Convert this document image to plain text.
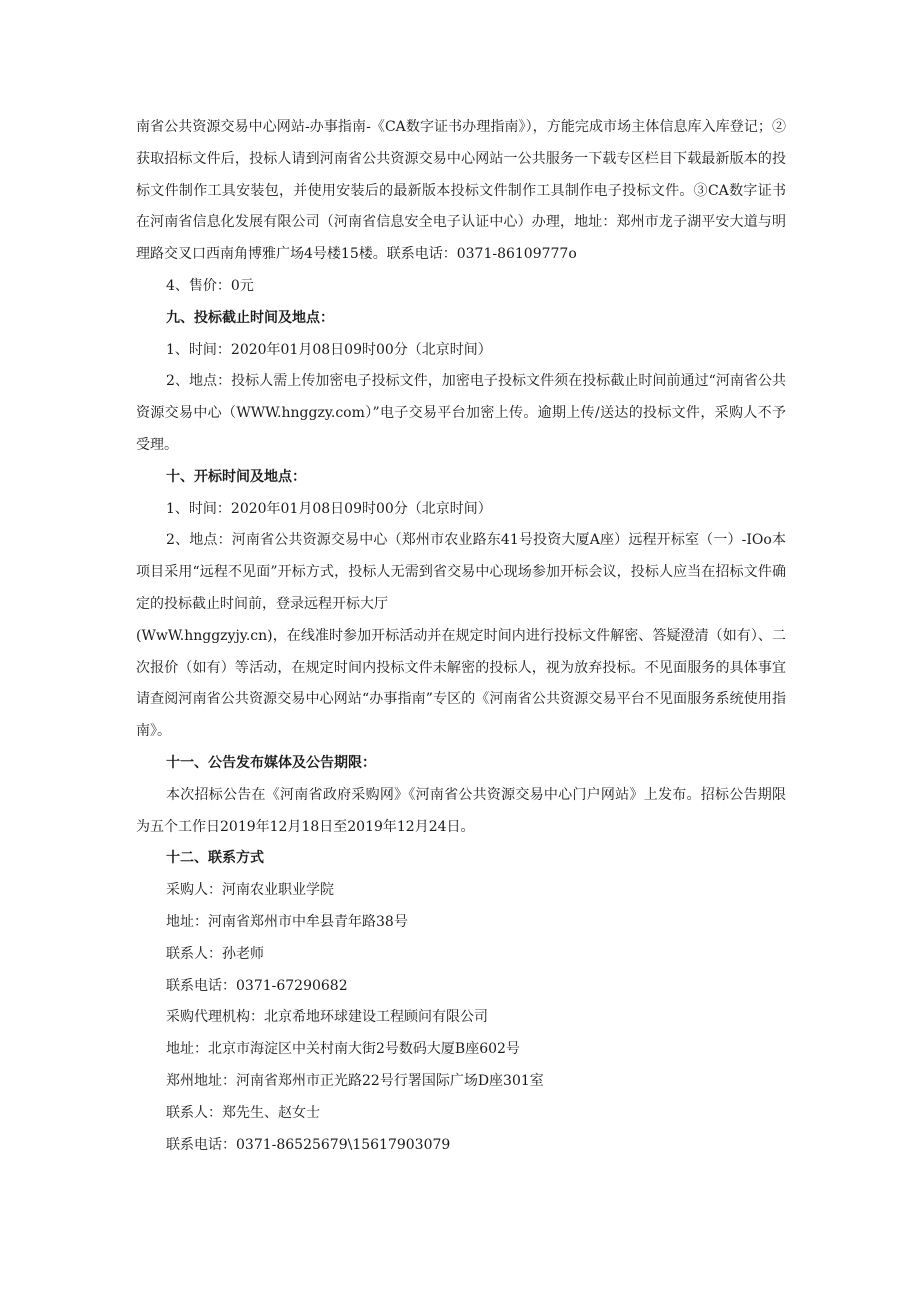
南省公共资源交易中心网站-办事指南-《CA数字证书办理指南》），方能完成市场主体信息库入库登记；②获取招标文件后，投标人请到河南省公共资源交易中心网站一公共服务一下载专区栏目下载最新版本的投标文件制作工具安装包，并使用安装后的最新版本投标文件制作工具制作电子投标文件。③CA数字证书在河南省信息化发展有限公司（河南省信息安全电子认证中心）办理，地址：郑州市龙子湖平安大道与明理路交叉口西南角博雅广场4号楼15楼。联系电话：0371-86109777o

4、售价：0元

九、投标截止时间及地点：

1、时间：2020年01月08日09时00分（北京时间）

2、地点：投标人需上传加密电子投标文件，加密电子投标文件须在投标截止时间前通过“河南省公共资源交易中心（WWW.hnggzy.com）”电子交易平台加密上传。逾期上传/送达的投标文件，采购人不予受理。

十、开标时间及地点：

1、时间：2020年01月08日09时00分（北京时间）

2、地点：河南省公共资源交易中心（郑州市农业路东41号投资大厦A座）远程开标室（一）-IOo本项目采用“远程不见面”开标方式，投标人无需到省交易中心现场参加开标会议，投标人应当在招标文件确定的投标截止时间前，登录远程开标大厅

(WwW.hnggzyjy.cn)，在线准时参加开标活动并在规定时间内进行投标文件解密、答疑澄清（如有）、二次报价（如有）等活动，在规定时间内投标文件未解密的投标人，视为放弃投标。不见面服务的具体事宜请查阅河南省公共资源交易中心网站“办事指南”专区的《河南省公共资源交易平台不见面服务系统使用指南》。

十一、公告发布媒体及公告期限：

本次招标公告在《河南省政府采购网》《河南省公共资源交易中心门户网站》上发布。招标公告期限为五个工作日2019年12月18日至2019年12月24日。

十二、联系方式

采购人：河南农业职业学院

地址：河南省郑州市中牟县青年路38号

联系人：孙老师

联系电话：0371-67290682

采购代理机构：北京希地环球建设工程顾问有限公司

地址：北京市海淀区中关村南大街2号数码大厦B座602号

郑州地址：河南省郑州市正光路22号行署国际广场D座301室

联系人：郑先生、赵女士

联系电话：0371-86525679\15617903079
